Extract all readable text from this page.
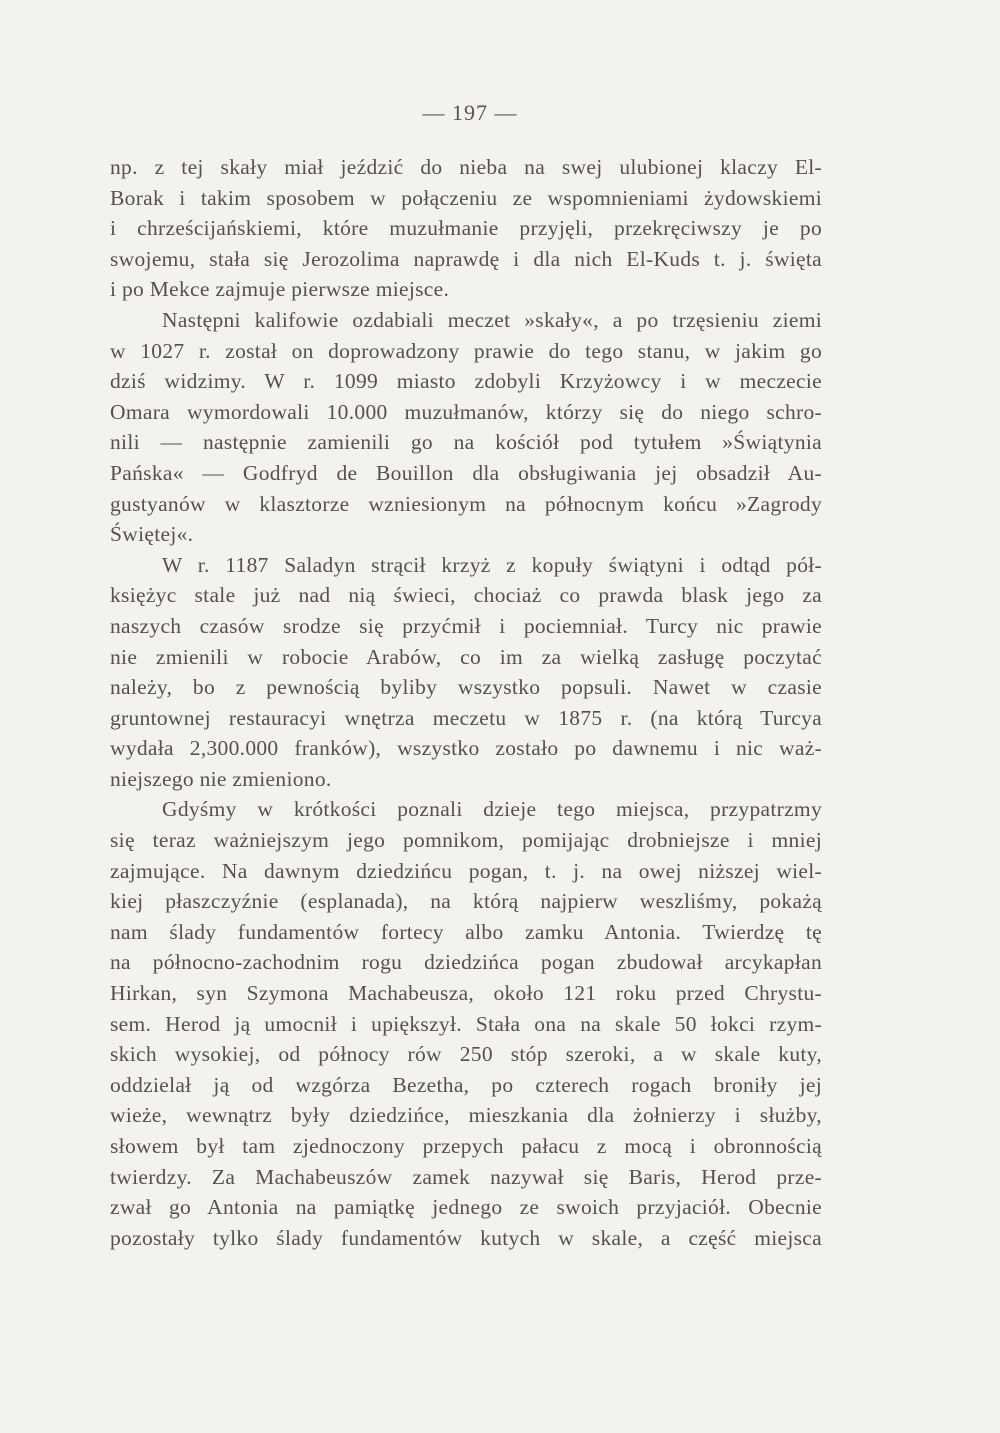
— 197 —
np. z tej skały miał jeździć do nieba na swej ulubionej klaczy El-
Borak i takim sposobem w połączeniu ze wspomnieniami żydowskiemi
i chrześcijańskiemi, które muzułmanie przyjęli, przekręciwszy je po
swojemu, stała się Jerozolima naprawdę i dla nich El-Kuds t. j. święta
i po Mekce zajmuje pierwsze miejsce.
Następni kalifowie ozdabiali meczet »skały«, a po trzęsieniu ziemi
w 1027 r. został on doprowadzony prawie do tego stanu, w jakim go
dziś widzimy. W r. 1099 miasto zdobyli Krzyżowcy i w meczecie
Omara wymordowali 10.000 muzułmanów, którzy się do niego schro-
nili — następnie zamienili go na kościół pod tytułem »Świątynia
Pańska« — Godfryd de Bouillon dla obsługiwania jej obsadził Au-
gustyanów w klasztorze wzniesionym na północnym końcu »Zagrody
Świętej«.
W r. 1187 Saladyn strącił krzyż z kopuły świątyni i odtąd pół-
księżyc stale już nad nią świeci, chociaż co prawda blask jego za
naszych czasów srodze się przyćmił i pociemniał. Turcy nic prawie
nie zmienili w robocie Arabów, co im za wielką zasługę poczytać
należy, bo z pewnością byliby wszystko popsuli. Nawet w czasie
gruntownej restauracyi wnętrza meczetu w 1875 r. (na którą Turcya
wydała 2,300.000 franków), wszystko zostało po dawnemu i nic waż-
niejszego nie zmieniono.
Gdyśmy w krótkości poznali dzieje tego miejsca, przypatrzmy
się teraz ważniejszym jego pomnikom, pomijając drobniejsze i mniej
zajmujące. Na dawnym dziedzińcu pogan, t. j. na owej niższej wiel-
kiej płaszczyźnie (esplanada), na którą najpierw weszliśmy, pokażą
nam ślady fundamentów fortecy albo zamku Antonia. Twierdzę tę
na północno-zachodnim rogu dziedzińca pogan zbudował arcykapłan
Hirkan, syn Szymona Machabeusza, około 121 roku przed Chrystu-
sem. Herod ją umocnił i upiększył. Stała ona na skale 50 łokci rzym-
skich wysokiej, od północy rów 250 stóp szeroki, a w skale kuty,
oddzielał ją od wzgórza Bezetha, po czterech rogach broniły jej
wieże, wewnątrz były dziedzińce, mieszkania dla żołnierzy i służby,
słowem był tam zjednoczony przepych pałacu z mocą i obronnością
twierdzy. Za Machabeuszów zamek nazywał się Baris, Herod prze-
zwał go Antonia na pamiątkę jednego ze swoich przyjaciół. Obecnie
pozostały tylko ślady fundamentów kutych w skale, a część miejsca
